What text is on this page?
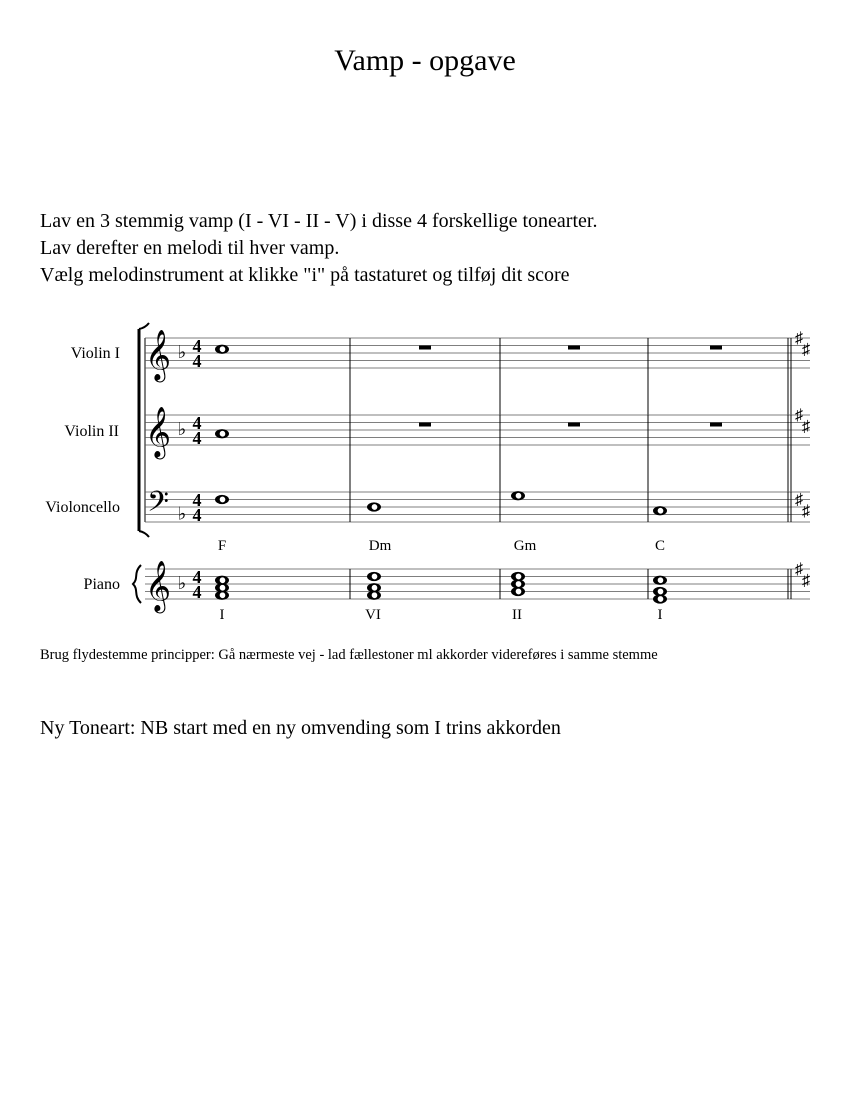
Vamp - opgave
Lav en 3 stemmig vamp (I - VI - II - V) i disse 4 forskellige tonearter.
Lav derefter en melodi til hver vamp.
Vælg melodinstrument at klikke "i" på tastaturet og tilføj dit score
Violin I 𝄞 ♭ 4
4
♯
♯
Violin II 𝄞 ♭ 4
4
♯
♯
Violoncello 𝄢 ♭
4
4
♯
♯
Piano 𝄞 ♭ 4
4
♯
♯
F	Dm	Gm	C
I	VI	II	I
Brug flydestemme principper: Gå nærmeste vej - lad fællestoner ml akkorder videreføres i samme stemme
Ny Toneart: NB start med en ny omvending som I trins akkorden
